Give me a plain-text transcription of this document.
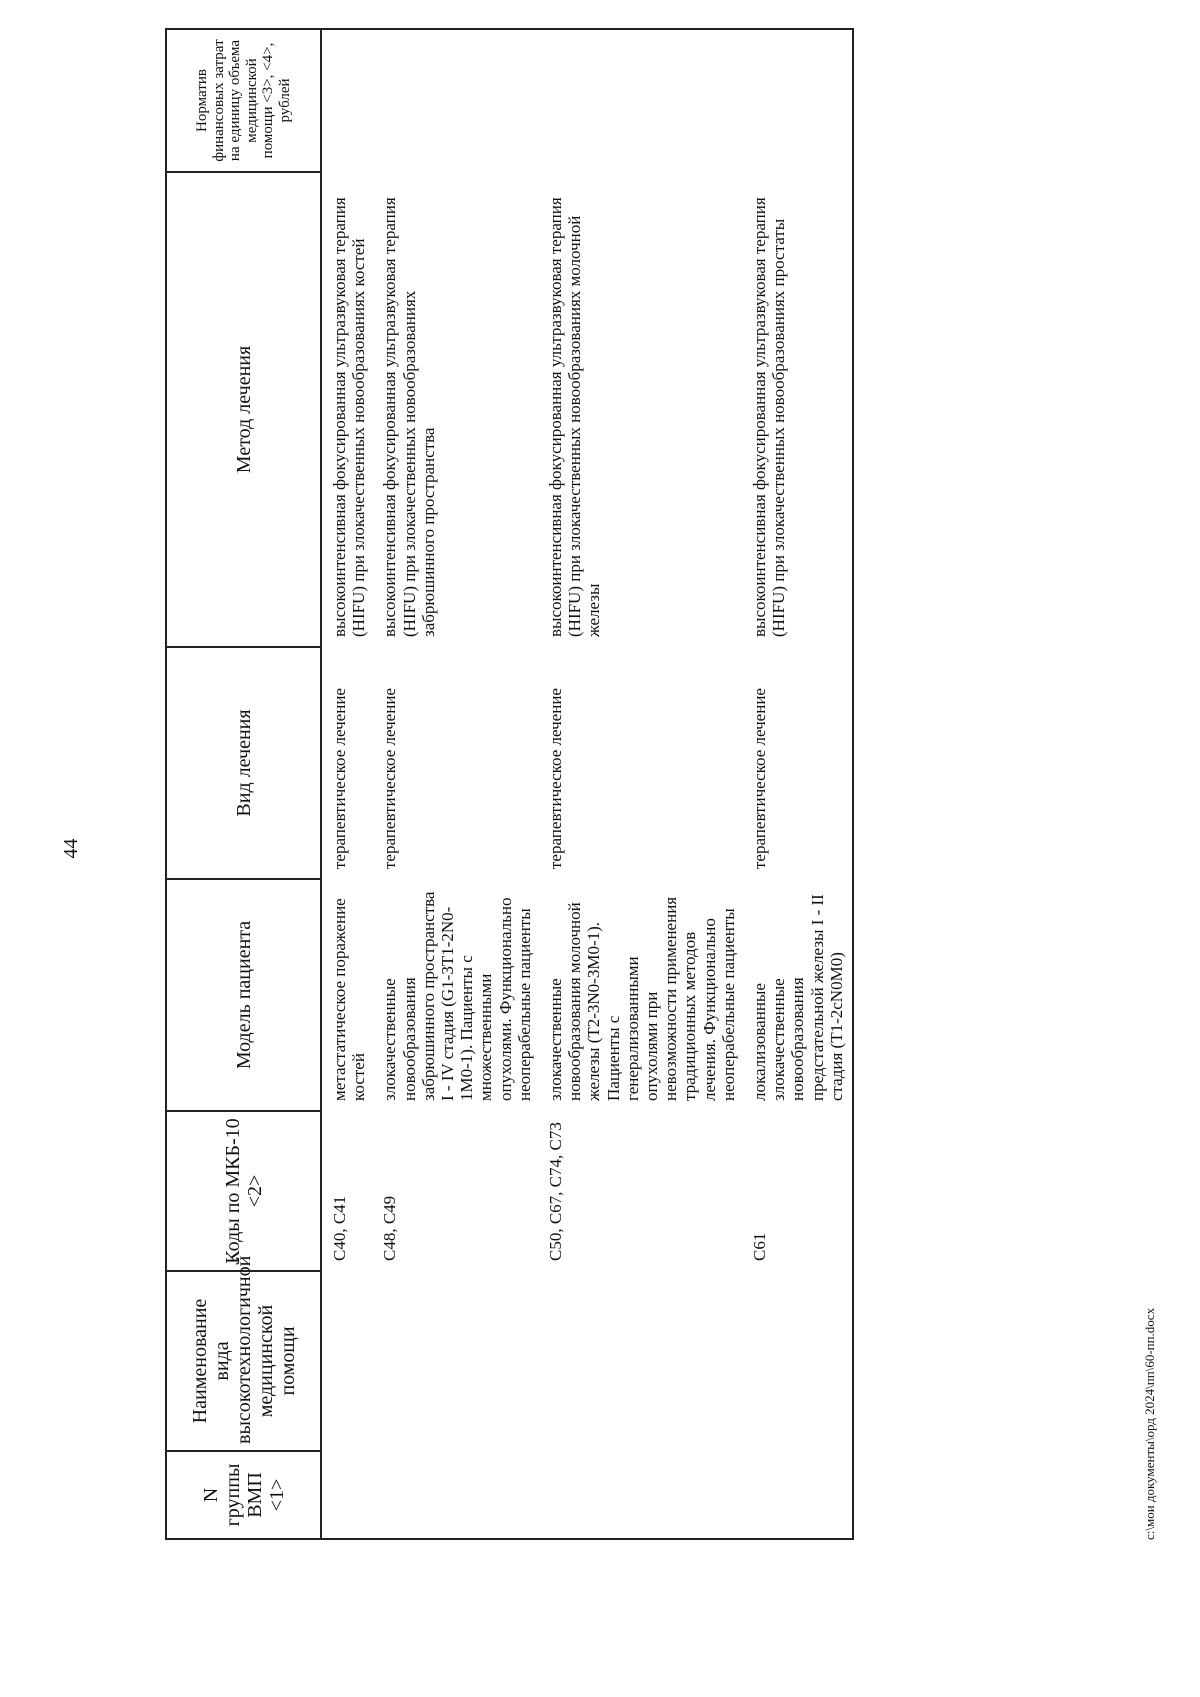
44
N группы ВМП <1>	Наименование вида высокотехнологичной медицинской помощи	Коды по МКБ-10 <2>	Модель пациента	Вид лечения	Метод лечения	Норматив финансовых затрат на единицу объема медицинской помощи <3>, <4>, рублей
		C40, C41	метастатическое поражение костей	терапевтическое лечение	высокоинтенсивная фокусированная ультразвуковая терапия (HIFU) при злокачественных новообразованиях костей	
		C48, C49	злокачественные новообразования забрюшинного пространства I - IV стадия (G1-3T1-2N0-1M0-1). Пациенты с множественными опухолями. Функционально неоперабельные пациенты	терапевтическое лечение	высокоинтенсивная фокусированная ультразвуковая терапия (HIFU) при злокачественных новообразованиях забрюшинного пространства	
		C50, C67, C74, C73	злокачественные новообразования молочной железы (T2-3N0-3M0-1). Пациенты с генерализованными опухолями при невозможности применения традиционных методов лечения. Функционально неоперабельные пациенты	терапевтическое лечение	высокоинтенсивная фокусированная ультразвуковая терапия (HIFU) при злокачественных новообразованиях молочной железы	
		C61	локализованные злокачественные новообразования предстательной железы I - II стадия (T1-2cN0M0)	терапевтическое лечение	высокоинтенсивная фокусированная ультразвуковая терапия (HIFU) при злокачественных новообразованиях простаты	
c:\мои документы\орд 2024\пп\60-пп.docx
